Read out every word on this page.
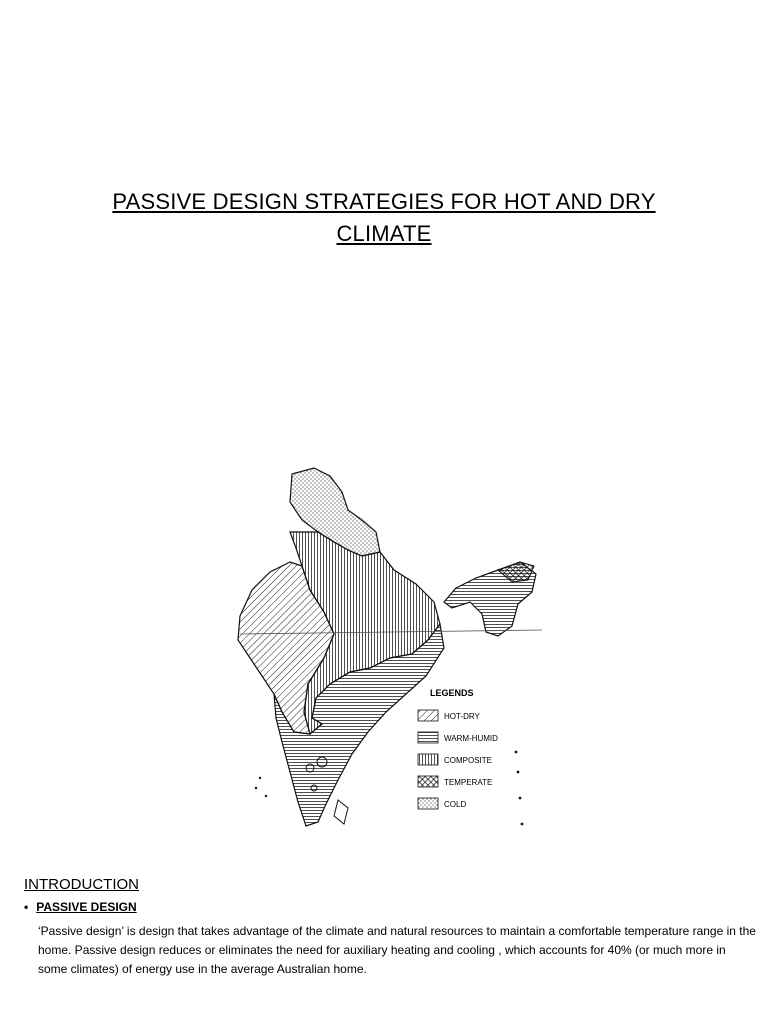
PASSIVE DESIGN STRATEGIES FOR HOT AND DRY
CLIMATE
LEGENDS
HOT-DRY
WARM-HUMID
COMPOSITE
TEMPERATE
COLD
INTRODUCTION
• PASSIVE DESIGN
‘Passive design’ is design that takes advantage of the climate and natural resources to maintain a comfortable temperature range in the home. Passive design reduces or eliminates the need for auxiliary heating and cooling , which accounts for 40% (or much more in some climates) of energy use in the average Australian home.
